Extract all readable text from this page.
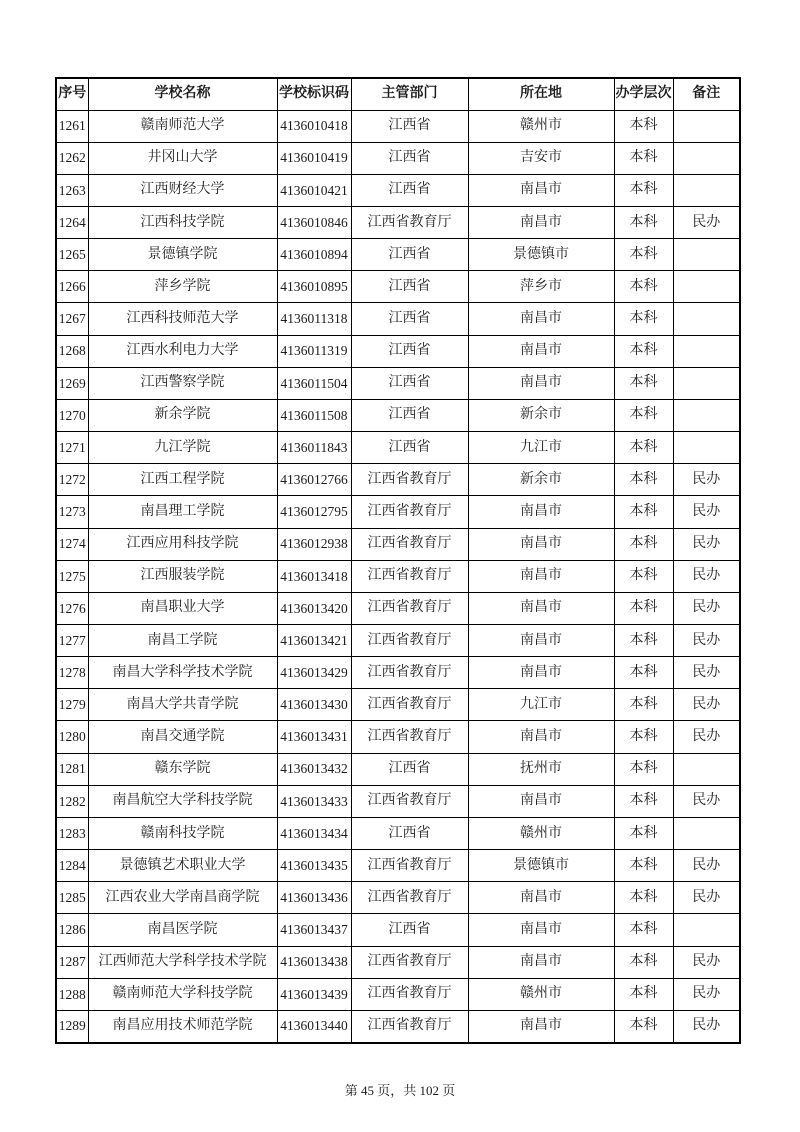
序号	学校名称	学校标识码	主管部门	所在地	办学层次	备注
1261	赣南师范大学	4136010418	江西省	赣州市	本科	
1262	井冈山大学	4136010419	江西省	吉安市	本科	
1263	江西财经大学	4136010421	江西省	南昌市	本科	
1264	江西科技学院	4136010846	江西省教育厅	南昌市	本科	民办
1265	景德镇学院	4136010894	江西省	景德镇市	本科	
1266	萍乡学院	4136010895	江西省	萍乡市	本科	
1267	江西科技师范大学	4136011318	江西省	南昌市	本科	
1268	江西水利电力大学	4136011319	江西省	南昌市	本科	
1269	江西警察学院	4136011504	江西省	南昌市	本科	
1270	新余学院	4136011508	江西省	新余市	本科	
1271	九江学院	4136011843	江西省	九江市	本科	
1272	江西工程学院	4136012766	江西省教育厅	新余市	本科	民办
1273	南昌理工学院	4136012795	江西省教育厅	南昌市	本科	民办
1274	江西应用科技学院	4136012938	江西省教育厅	南昌市	本科	民办
1275	江西服装学院	4136013418	江西省教育厅	南昌市	本科	民办
1276	南昌职业大学	4136013420	江西省教育厅	南昌市	本科	民办
1277	南昌工学院	4136013421	江西省教育厅	南昌市	本科	民办
1278	南昌大学科学技术学院	4136013429	江西省教育厅	南昌市	本科	民办
1279	南昌大学共青学院	4136013430	江西省教育厅	九江市	本科	民办
1280	南昌交通学院	4136013431	江西省教育厅	南昌市	本科	民办
1281	赣东学院	4136013432	江西省	抚州市	本科	
1282	南昌航空大学科技学院	4136013433	江西省教育厅	南昌市	本科	民办
1283	赣南科技学院	4136013434	江西省	赣州市	本科	
1284	景德镇艺术职业大学	4136013435	江西省教育厅	景德镇市	本科	民办
1285	江西农业大学南昌商学院	4136013436	江西省教育厅	南昌市	本科	民办
1286	南昌医学院	4136013437	江西省	南昌市	本科	
1287	江西师范大学科学技术学院	4136013438	江西省教育厅	南昌市	本科	民办
1288	赣南师范大学科技学院	4136013439	江西省教育厅	赣州市	本科	民办
1289	南昌应用技术师范学院	4136013440	江西省教育厅	南昌市	本科	民办
第 45 页，共 102 页
